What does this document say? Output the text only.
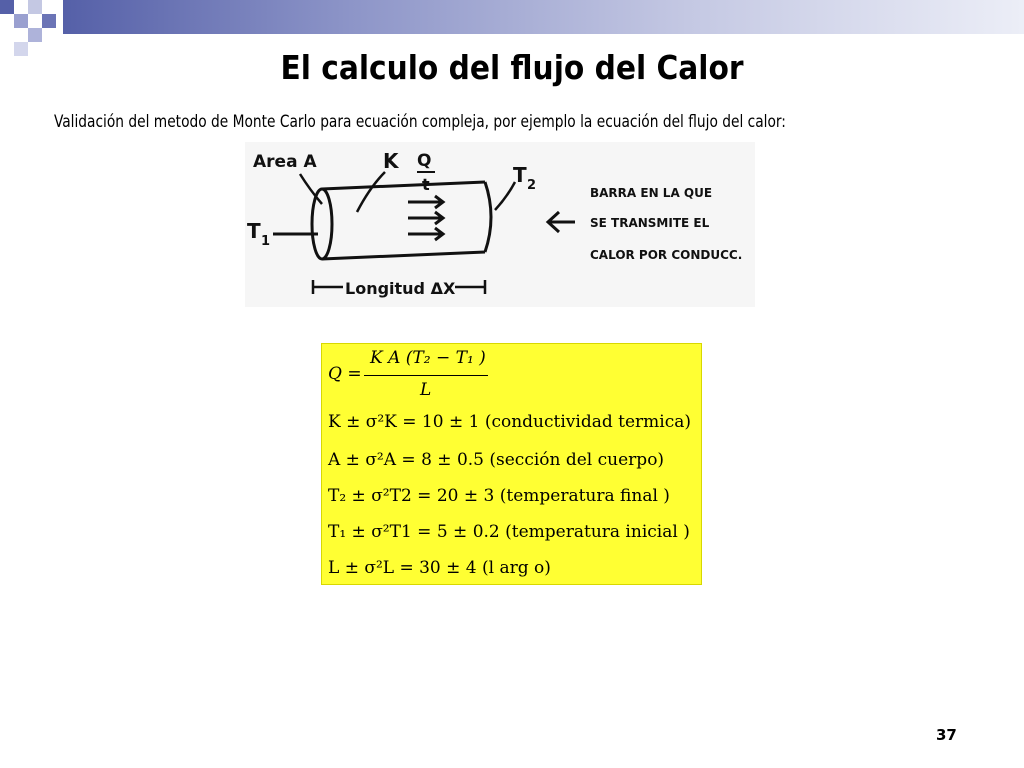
El calculo del flujo del Calor
Validación del metodo de Monte Carlo para ecuación compleja, por ejemplo la ecuación del flujo del calor:
Area A	K Q
t	T 2
T 1
Longitud ΔX
BARRA EN LA QUE
SE TRANSMITE EL
CALOR POR CONDUCC.
Q =
K A (T₂ − T₁ )
L
K ± σ²K = 10 ± 1 (conductividad termica)
A ± σ²A = 8 ± 0.5 (sección del cuerpo)
T₂ ± σ²T2 = 20 ± 3 (temperatura final )
T₁ ± σ²T1 = 5 ± 0.2 (temperatura inicial )
L ± σ²L = 30 ± 4 (l arg o)
37
